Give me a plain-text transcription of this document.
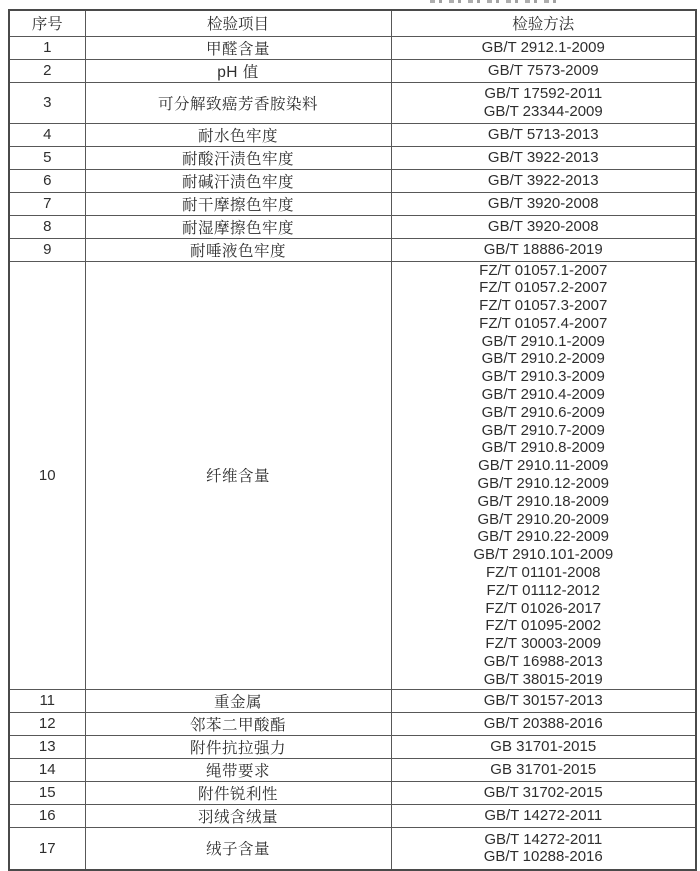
序号	检验项目	检验方法
1	甲醛含量	GB/T 2912.1-2009

2	pH 值	GB/T 7573-2009

3	可分解致癌芳香胺染料	GB/T 17592-2011
GB/T 23344-2009

4	耐水色牢度	GB/T 5713-2013

5	耐酸汗渍色牢度	GB/T 3922-2013

6	耐碱汗渍色牢度	GB/T 3922-2013

7	耐干摩擦色牢度	GB/T 3920-2008

8	耐湿摩擦色牢度	GB/T 3920-2008

9	耐唾液色牢度	GB/T 18886-2019

10	纤维含量	
FZ/T 01057.1-2007
FZ/T 01057.2-2007
FZ/T 01057.3-2007
FZ/T 01057.4-2007
GB/T 2910.1-2009
GB/T 2910.2-2009
GB/T 2910.3-2009
GB/T 2910.4-2009
GB/T 2910.6-2009
GB/T 2910.7-2009
GB/T 2910.8-2009
GB/T 2910.11-2009
GB/T 2910.12-2009
GB/T 2910.18-2009
GB/T 2910.20-2009
GB/T 2910.22-2009
GB/T 2910.101-2009
FZ/T 01101-2008
FZ/T 01112-2012
FZ/T 01026-2017
FZ/T 01095-2002
FZ/T 30003-2009
GB/T 16988-2013
GB/T 38015-2019

11	重金属	GB/T 30157-2013

12	邻苯二甲酸酯	GB/T 20388-2016

13	附件抗拉强力	GB 31701-2015

14	绳带要求	GB 31701-2015

15	附件锐利性	GB/T 31702-2015

16	羽绒含绒量	GB/T 14272-2011

17	绒子含量	GB/T 14272-2011
GB/T 10288-2016
